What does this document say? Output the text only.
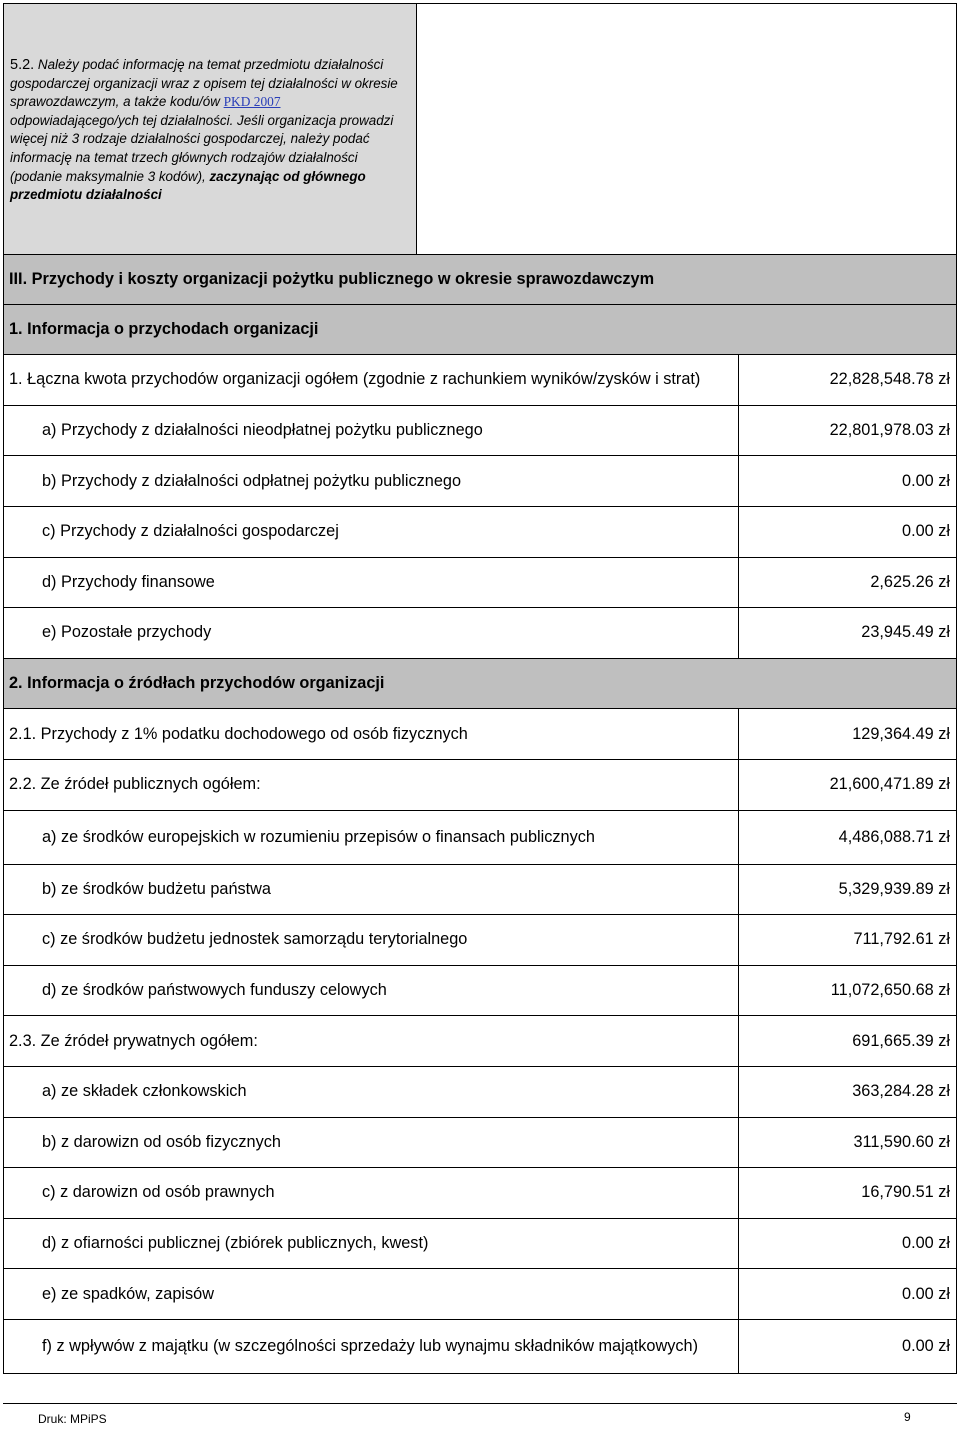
5.2. Należy podać informację na temat przedmiotu działalności gospodarczej organizacji wraz z opisem tej działalności w okresie sprawozdawczym, a także kodu/ów PKD 2007 odpowiadającego/ych tej działalności. Jeśli organizacja prowadzi więcej niż 3 rodzaje działalności gospodarczej, należy podać informację na temat trzech głównych rodzajów działalności (podanie maksymalnie 3 kodów), zaczynając od głównego przedmiotu działalności
III. Przychody i koszty organizacji pożytku publicznego w okresie sprawozdawczym
1. Informacja o przychodach organizacji
1. Łączna kwota przychodów organizacji ogółem (zgodnie z rachunkiem wyników/zysków i strat)	22,828,548.78 zł
a) Przychody z działalności nieodpłatnej pożytku publicznego	22,801,978.03 zł
b) Przychody z działalności odpłatnej pożytku publicznego	0.00 zł
c) Przychody z działalności gospodarczej	0.00 zł
d) Przychody finansowe	2,625.26 zł
e) Pozostałe przychody	23,945.49 zł
2. Informacja o źródłach przychodów organizacji
2.1. Przychody z 1% podatku dochodowego od osób fizycznych	129,364.49 zł
2.2. Ze źródeł publicznych ogółem:	21,600,471.89 zł
a) ze środków europejskich w rozumieniu przepisów o finansach publicznych	4,486,088.71 zł
b) ze środków budżetu państwa	5,329,939.89 zł
c) ze środków budżetu jednostek samorządu terytorialnego	711,792.61 zł
d) ze środków państwowych funduszy celowych	11,072,650.68 zł
2.3. Ze źródeł prywatnych ogółem:	691,665.39 zł
a) ze składek członkowskich	363,284.28 zł
b) z darowizn od osób fizycznych	311,590.60 zł
c) z darowizn od osób prawnych	16,790.51 zł
d) z ofiarności publicznej (zbiórek publicznych, kwest)	0.00 zł
e) ze spadków, zapisów	0.00 zł
f) z wpływów z majątku (w szczególności sprzedaży lub wynajmu składników majątkowych)	0.00 zł
Druk: MPiPS	9
